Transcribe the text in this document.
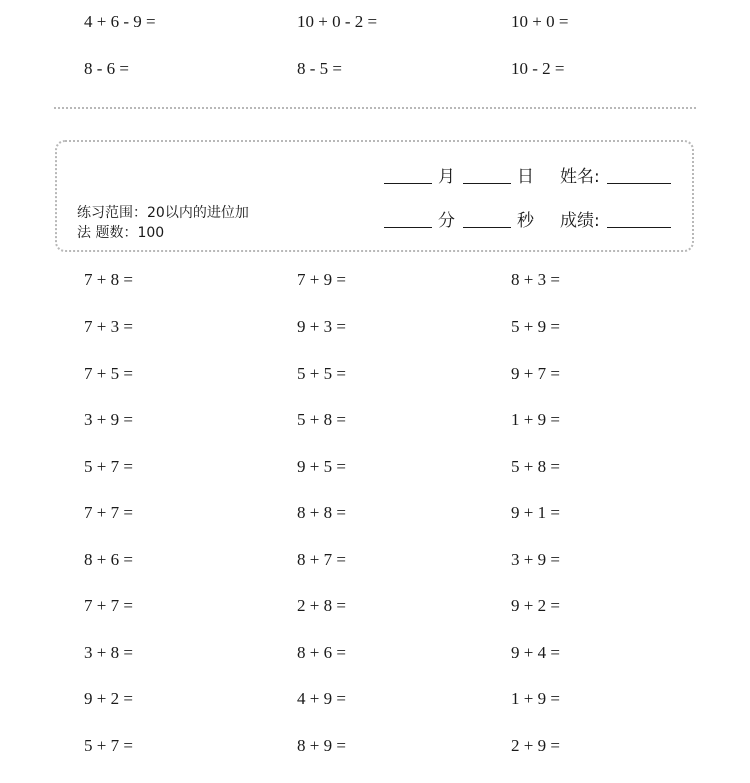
4 + 6 - 9 =	10 + 0 - 2 =	10 + 0 =
8 - 6 =	8 - 5 =	10 - 2 =
练习范围：20以内的进位加
法 题数：100
月	日 姓名:
分	秒 成绩:
7 + 8 =	7 + 9 =	8 + 3 =
7 + 3 =	9 + 3 =	5 + 9 =
7 + 5 =	5 + 5 =	9 + 7 =
3 + 9 =	5 + 8 =	1 + 9 =
5 + 7 =	9 + 5 =	5 + 8 =
7 + 7 =	8 + 8 =	9 + 1 =
8 + 6 =	8 + 7 =	3 + 9 =
7 + 7 =	2 + 8 =	9 + 2 =
3 + 8 =	8 + 6 =	9 + 4 =
9 + 2 =	4 + 9 =	1 + 9 =
5 + 7 =	8 + 9 =	2 + 9 =
